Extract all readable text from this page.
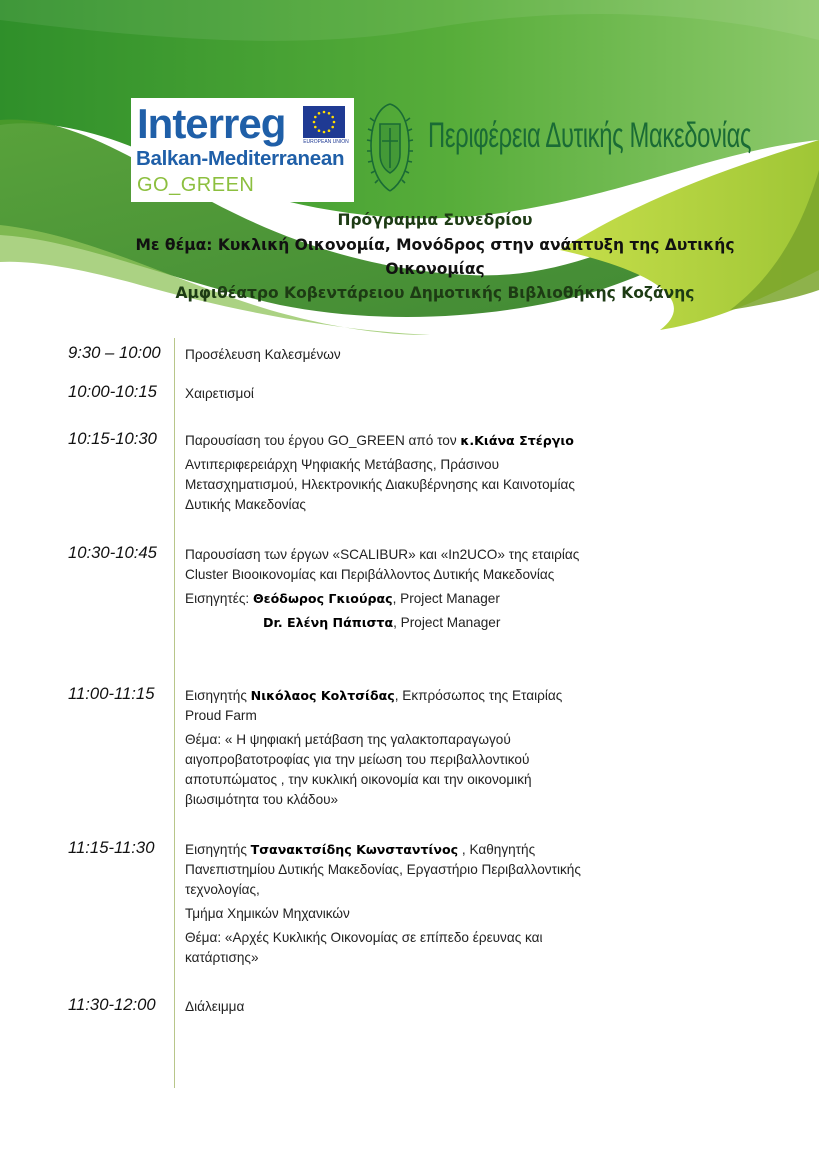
Interreg	EUROPEAN UNION
Balkan-Mediterranean
GO_GREEN
Περιφέρεια Δυτικής Μακεδονίας
Πρόγραμμα Συνεδρίου
Με θέμα: Κυκλική Οικονομία, Μονόδρος στην ανάπτυξη της Δυτικής
Οικονομίας
Αμφιθέατρο Κοβεντάρειου Δημοτικής Βιβλιοθήκης Κοζάνης
9:30 – 10:00 Προσέλευση Καλεσμένων

10:00-10:15 Χαιρετισμοί

10:15-10:30 Παρουσίαση του έργου GO_GREEN από τον κ.Κιάνα Στέργιο

Αντιπεριφερειάρχη Ψηφιακής Μετάβασης, Πράσινου Μετασχηματισμού, Ηλεκτρονικής Διακυβέρνησης και Καινοτομίας Δυτικής Μακεδονίας

10:30-10:45 Παρουσίαση των έργων «SCALIBUR» και «In2UCO» της εταιρίας Cluster Βιοοικονομίας και Περιβάλλοντος Δυτικής Μακεδονίας

Εισηγητές: Θεόδωρος Γκιούρας, Project Manager

Dr. Ελένη Πάπιστα, Project Manager

11:00-11:15 Εισηγητής Νικόλαος Κολτσίδας, Εκπρόσωπος της Εταιρίας Proud Farm

Θέμα: « Η ψηφιακή μετάβαση της γαλακτοπαραγωγού αιγοπροβατοτροφίας για την μείωση του περιβαλλοντικού αποτυπώματος , την κυκλική οικονομία και την οικονομική βιωσιμότητα του κλάδου»

11:15-11:30 Εισηγητής Τσανακτσίδης Κωνσταντίνος , Καθηγητής Πανεπιστημίου Δυτικής Μακεδονίας, Εργαστήριο Περιβαλλοντικής τεχνολογίας,

Τμήμα Χημικών Μηχανικών

Θέμα: «Αρχές Κυκλικής Οικονομίας σε επίπεδο έρευνας και κατάρτισης»

11:30-12:00 Διάλειμμα
